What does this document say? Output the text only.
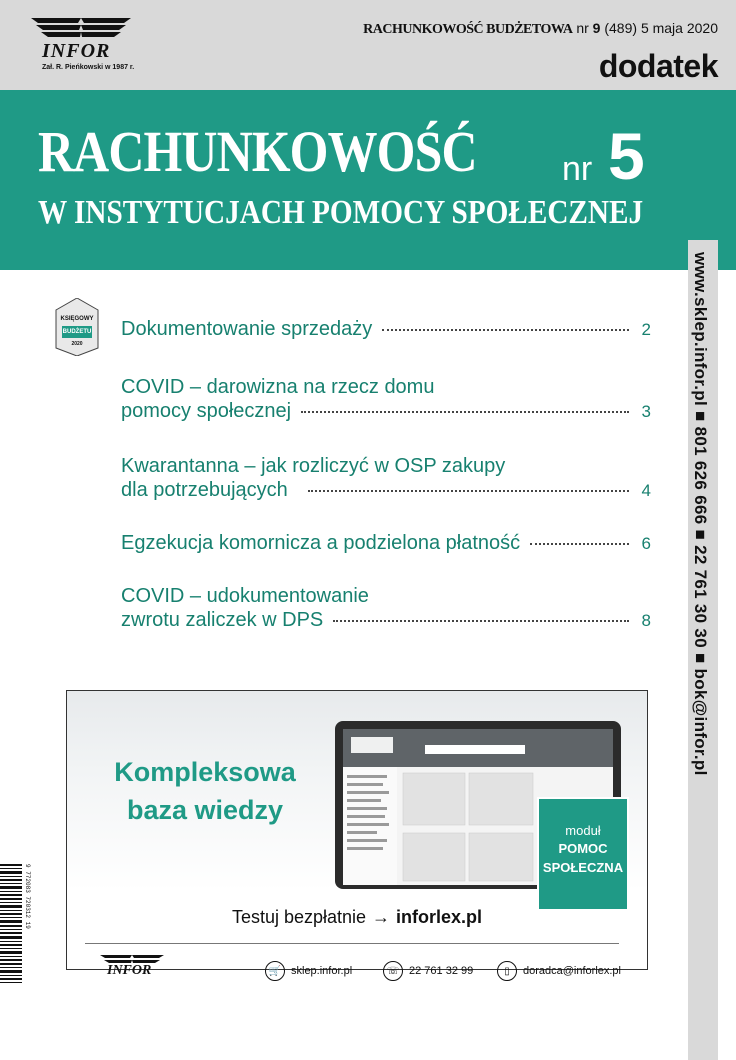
INFOR
Zał. R. Pieńkowski w 1987 r.
RACHUNKOWOŚĆ BUDŻETOWA nr 9 (489) 5 maja 2020
dodatek
RACHUNKOWOŚĆ	nr 5
W INSTYTUCJACH POMOCY SPOŁECZNEJ
www.sklep.infor.pl ■ 801 626 666 ■ 22 761 30 30 ■ bok@infor.pl
KSIĘGOWY
BUDŻETU
2020
Dokumentowanie sprzedaży	2
COVID – darowizna na rzecz domu
pomocy społecznej	3
Kwarantanna – jak rozliczyć w OSP zakupy
dla potrzebujących	4
Egzekucja komornicza a podzielona płatność	6
COVID – udokumentowanie
zwrotu zaliczek w DPS	8
Kompleksowa
baza wiedzy
moduł
POMOC
SPOŁECZNA
Testuj bezpłatnie → inforlex.pl
INFOR	🛒 sklep.infor.pl	☏ 22 761 32 99	▯	doradca@inforlex.pl
9 772083 720312 19
